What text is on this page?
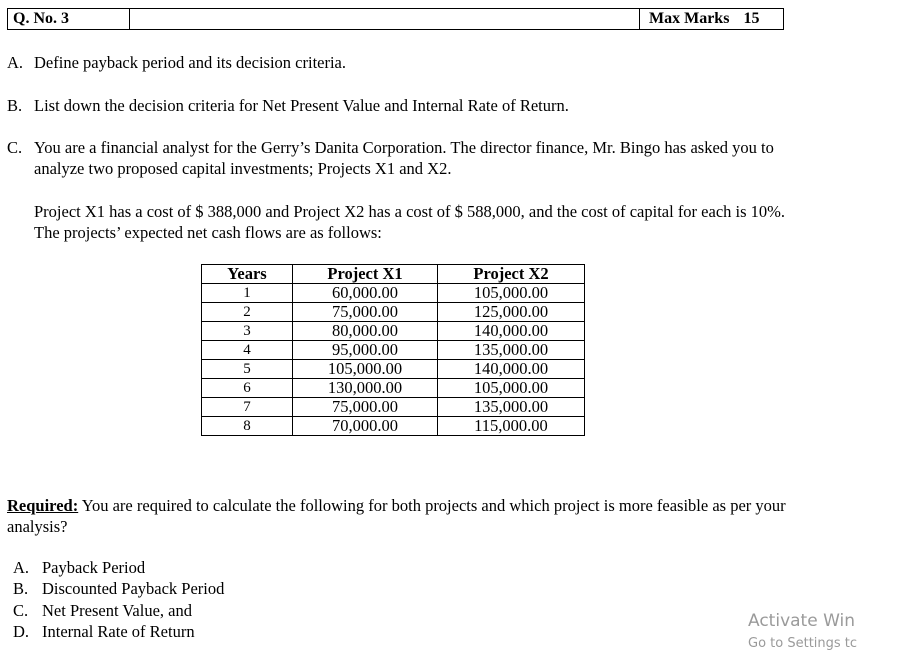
Q. No. 3	Max Marks 15
A. Define payback period and its decision criteria.
B. List down the decision criteria for Net Present Value and Internal Rate of Return.
C. You are a financial analyst for the Gerry’s Danita Corporation. The director finance, Mr. Bingo has asked you to analyze two proposed capital investments; Projects X1 and X2.
Project X1 has a cost of $ 388,000 and Project X2 has a cost of $ 588,000, and the cost of capital for each is 10%. The projects’ expected net cash flows are as follows:
Years	Project X1	Project X2
1	60,000.00	105,000.00
2	75,000.00	125,000.00
3	80,000.00	140,000.00
4	95,000.00	135,000.00
5	105,000.00	140,000.00
6	130,000.00	105,000.00
7	75,000.00	135,000.00
8	70,000.00	115,000.00
Required: You are required to calculate the following for both projects and which project is more feasible as per your analysis?
A. Payback Period
B. Discounted Payback Period
C. Net Present Value, and
D. Internal Rate of Return
Activate Win
Go to Settings tc
